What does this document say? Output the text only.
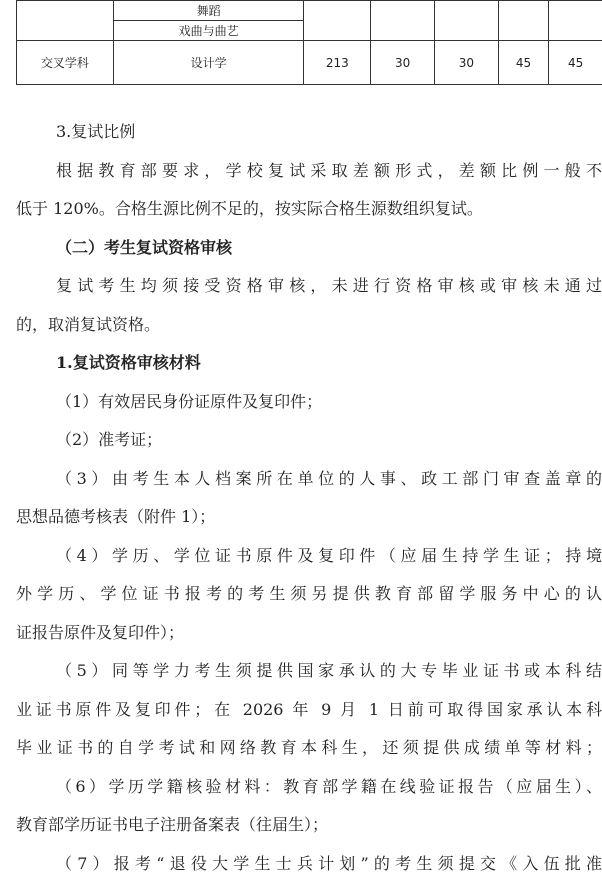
	舞蹈					
	戏曲与曲艺					
交叉学科	设计学	213	30	30	45	45

3.复试比例

根据教育部要求，学校复试采取差额形式，差额比例一般不

低于 120%。合格生源比例不足的，按实际合格生源数组织复试。

（二）考生复试资格审核

复试考生均须接受资格审核，未进行资格审核或审核未通过

的，取消复试资格。

1.复试资格审核材料

（1）有效居民身份证原件及复印件；

（2）准考证；

（3）由考生本人档案所在单位的人事、政工部门审查盖章的

思想品德考核表（附件 1）；

（4）学历、学位证书原件及复印件（应届生持学生证；持境

外学历、学位证书报考的考生须另提供教育部留学服务中心的认

证报告原件及复印件）；

（5）同等学力考生须提供国家承认的大专毕业证书或本科结

业证书原件及复印件；在 2026 年 9 月 1 日前可取得国家承认本科

毕业证书的自学考试和网络教育本科生，还须提供成绩单等材料；

（6）学历学籍核验材料：教育部学籍在线验证报告（应届生）、

教育部学历证书电子注册备案表（往届生）；

（7）报考“退役大学生士兵计划”的考生须提交《入伍批准
